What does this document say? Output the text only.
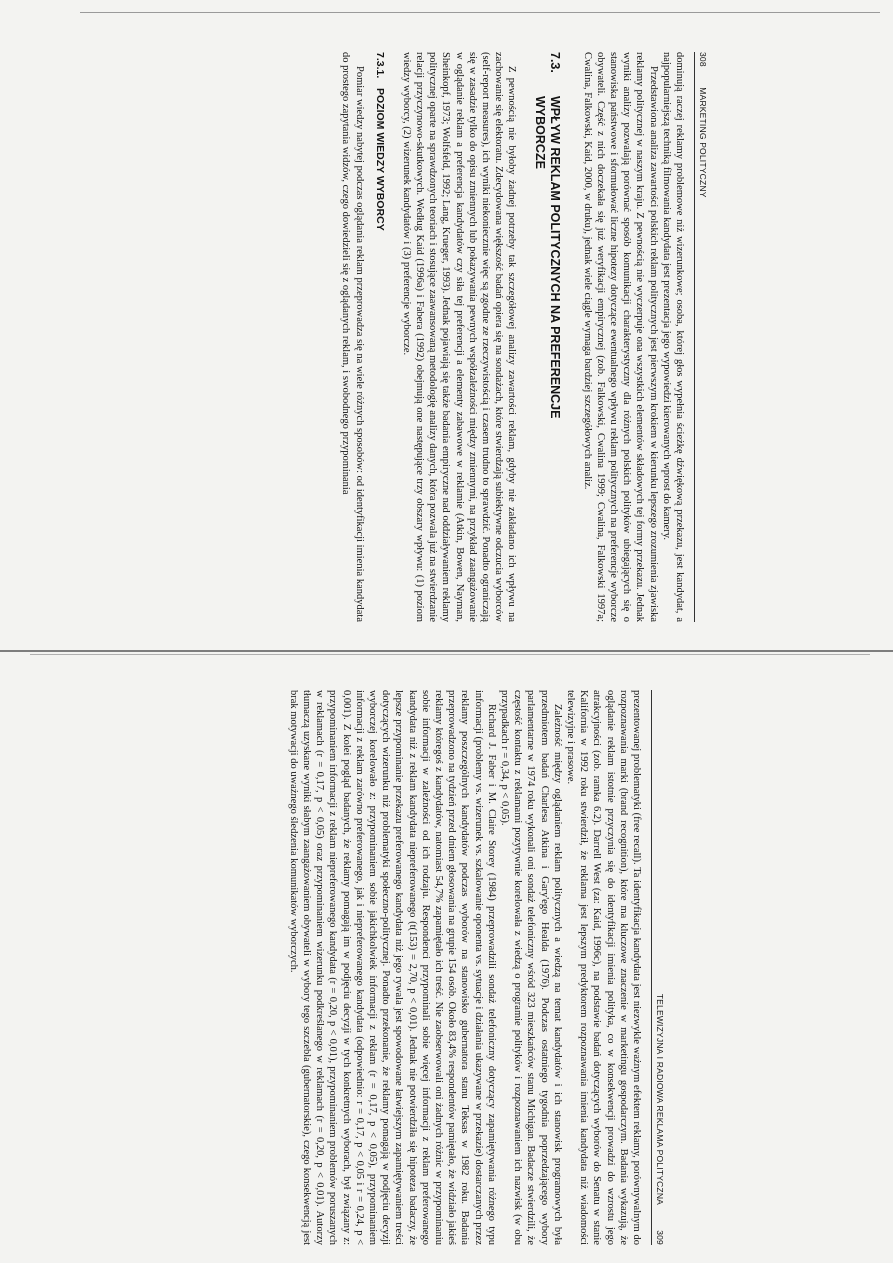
308        MARKETING POLITYCZNY

dominują raczej reklamy problemowe niż wizerunkowe; osoba, której głos wypełnia ścieżkę dźwiękową przekazu, jest kandydat, a najpopularniejszą techniką filmowania kandydata jest prezentacja jego wypowiedzi kierowanych wprost do kamery.

Przedstawiona analiza zawartości polskich reklam politycznych jest pierwszym krokiem w kierunku lepszego zrozumienia zjawiska reklamy politycznej w naszym kraju. Z pewnością nie wyczerpuje ona wszystkich elementów składowych tej formy przekazu. Jednak wyniki analizy pozwalają porównać sposób komunikacji charakterystyczny dla różnych polskich polityków ubiegających się o stanowiska państwowe i sformułować liczne hipotezy dotyczące ewentualnego wpływu reklam politycznych na preferencje wyborcze obywateli. Część z nich doczekała się już weryfikacji empirycznej (zob. Falkowski, Cwalina 1999; Cwalina, Falkowski 1997a; Cwalina, Falkowski, Kaid, 2000, w druku), jednak wiele ciągle wymaga bardziej szczegółowych analiz.

7.3.WPŁYW REKLAM POLITYCZNYCH NA PREFERENCJE
WYBORCZE

Z pewnością nie byłoby żadnej potrzeby tak szczegółowej analizy zawartości reklam, gdyby nie zakładano ich wpływu na zachowanie się elektoratu. Zdecydowana większość badań opiera się na sondażach, które stwierdzają subiektywne odczucia wyborców (self-report measures), ich wyniki niekoniecznie więc są zgodne ze rzeczywistością i czasem trudno to sprawdzić. Ponadto ograniczają się w zasadzie tylko do opisu zmiennych lub pokazywania pewnych współzależności między zmiennymi, na przykład zaangażowanie w oglądanie reklam a preferencja kandydatów czy siła tej preferencji a elementy zabawowe w reklamie (Atkin, Bowen, Nayman, Sheinkopf, 1973; Wolfsfeld, 1992; Lang, Krueger, 1993). Jednak pojawiają się także badania empiryczne nad oddziaływaniem reklamy politycznej oparte na sprawdzonych teoriach i stosujące zaawansowaną metodologię analizy danych, która pozwala już na stwierdzanie relacji przyczynowo-skutkowych. Według Kaid (1996a) i Fabera (1992) obejmują one następujące trzy obszary wpływu: (1) poziom wiedzy wyborcy, (2) wizerunek kandydatów i (3) preferencje wyborcze.

7.3.1.POZIOM WIEDZY WYBORCY

Pomiar wiedzy nabytej podczas oglądania reklam przeprowadza się na wiele różnych sposobów: od identyfikacji imienia kandydata do prostego zapytania widzów, czego dowiedzieli się z oglądanych reklam, i swobodnego przypominania

TELEWIZYJNA I RADIOWA REKLAMA POLITYCZNA          309

prezentowanej problematyki (free recall). Ta identyfikacja kandydata jest niezwykle ważnym efektem reklamy, porównywalnym do rozpoznawania marki (brand recognition), które ma kluczowe znaczenie w marketingu gospodarczym. Badania wykazują, że oglądanie reklam istotnie przyczynia się do identyfikacji imienia polityka, co w konsekwencji prowadzi do wzrostu jego atrakcyjności (zob. ramka 6.2). Darrell West (za: Kaid, 1996c), na podstawie badań dotyczących wyborów do Senatu w stanie Kalifornia w 1992 roku stwierdził, że reklama jest lepszym predyktorem rozpoznawania imienia kandydata niż wiadomości telewizyjne i prasowe.

Zależność między oglądaniem reklam politycznych a wiedzą na temat kandydatów i ich stanowisk programowych była przedmiotem badań Charlesa Atkina i Gary'ego Healda (1976). Podczas ostatniego tygodnia poprzedzającego wybory parlamentarne w 1974 roku wykonali oni sondaż telefoniczny wśród 323 mieszkańców stanu Michigan. Badacze stwierdzili, że częstość kontaktu z reklamami pozytywnie korelowała z wiedzą o programie polityków i rozpoznawaniem ich nazwisk (w obu przypadkach r = 0,34, p < 0,05).

Richard J. Faber i M. Claire Storey (1984) przeprowadzili sondaż telefoniczny dotyczący zapamiętywania różnego typu informacji (problemy vs. wizerunek vs. szkalowanie oponenta vs. sytuacje i działania ukazywane w przekazie) dostarczanych przez reklamy poszczególnych kandydatów podczas wyborów na stanowisko gubernatora stanu Teksas w 1982 roku. Badania przeprowadzono na tydzień przed dniem głosowania na grupie 154 osób. Około 83,4% respondentów pamiętało, że widziało jakieś reklamy któregoś z kandydatów, natomiast 54,7% zapamiętało ich treść. Nie zaobserwowali oni żadnych różnic w przypominaniu sobie informacji w zależności od ich rodzaju. Respondenci przypominali sobie więcej informacji z reklam preferowanego kandydata niż z reklam kandydata niepreferowanego (t(153) = 2,70, p < 0,01). Jednak nie potwierdziła się hipoteza badaczy, że lepsze przypominanie przekazu preferowanego kandydata niż jego rywala jest spowodowane łatwiejszym zapamiętywaniem treści dotyczących wizerunku niż problematyki społeczno-politycznej. Ponadto przekonanie, że reklamy pomagają w podjęciu decyzji wyborczej korelowało z: przypominaniem sobie jakichkolwiek informacji z reklam (r = 0,17, p < 0,05), przypominaniem informacji z reklam zarówno preferowanego, jak i niepreferowanego kandydata (odpowiednio: r = 0,17, p < 0,05 i r = 0,24, p < 0,001). Z kolei pogląd badanych, że reklamy pomagają im w podjęciu decyzji w tych konkretnych wyborach, był związany z: przypominaniem informacji z reklam niepreferowanego kandydata (r = 0,20, p < 0,01), przypominaniem problemów poruszanych w reklamach (r = 0,17, p < 0,05) oraz przypominaniem wizerunku podkreślanego w reklamach (r = 0,20, p < 0,01). Autorzy tłumaczą uzyskane wyniki słabym zaangażowaniem obywateli w wybory tego szczebla (gubernatorskie), czego konsekwencją jest brak motywacji do uważnego śledzenia komunikatów wyborczych.
